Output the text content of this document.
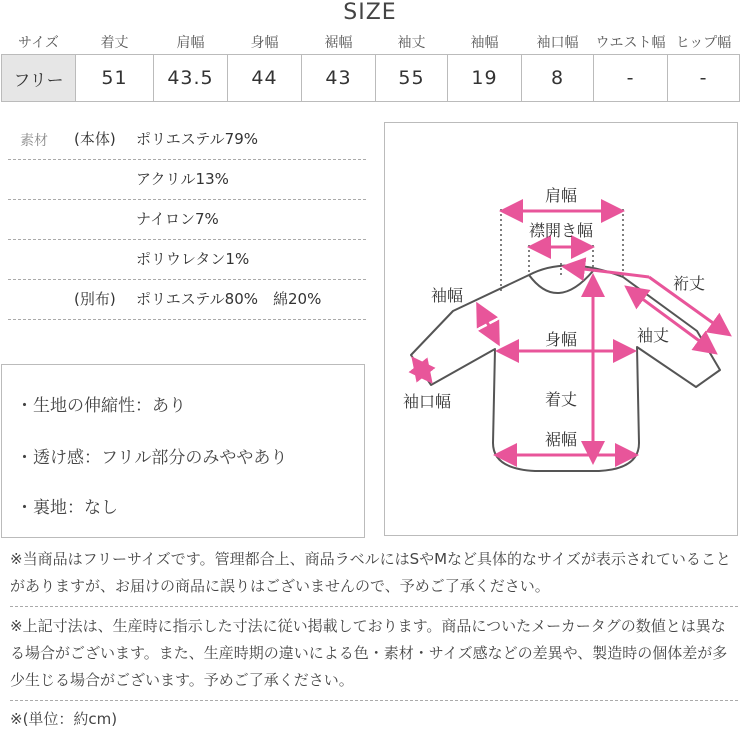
SIZE
サイズ	着丈	肩幅	身幅	裾幅	袖丈	袖幅	袖口幅	ウエスト幅	ヒップ幅
フリー	51	43.5	44	43	55	19	8	-	-
素材 (本体) ポリエステル79%
アクリル13%
ナイロン7%
ポリウレタン1%
(別布) ポリエステル80%　綿20%
・生地の伸縮性：あり
・透け感：フリル部分のみややあり
・裏地：なし
肩幅
襟開き幅
裄丈
袖幅
袖丈
身幅
着丈
裾幅
袖口幅
※当商品はフリーサイズです。管理都合上、商品ラベルにはSやMなど具体的なサイズが表示されていることがありますが、お届けの商品に誤りはございませんので、予めご了承ください。
※上記寸法は、生産時に指示した寸法に従い掲載しております。商品についたメーカータグの数値とは異なる場合がございます。また、生産時期の違いによる色・素材・サイズ感などの差異や、製造時の個体差が多少生じる場合がございます。予めご了承ください。
※(単位：約cm)
